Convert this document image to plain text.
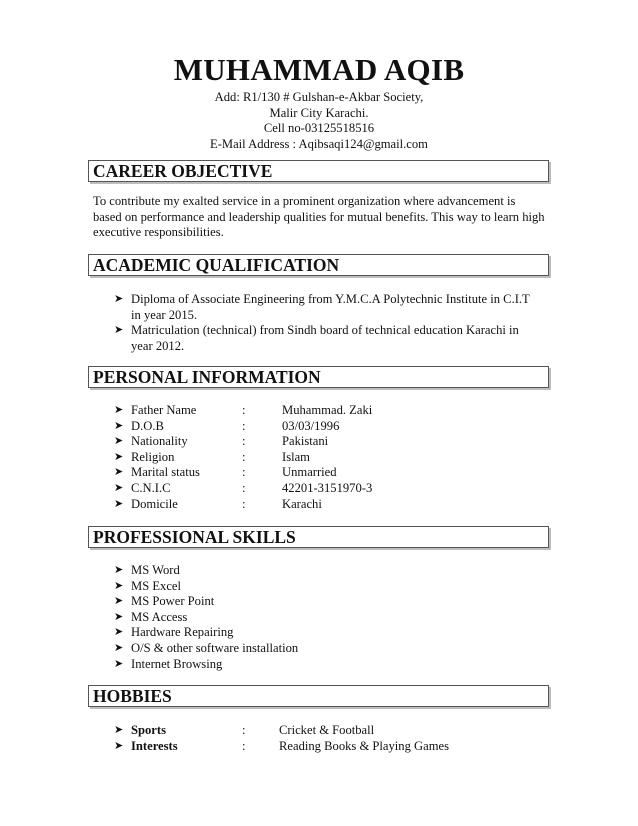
MUHAMMAD AQIB
Add: R1/130 # Gulshan-e-Akbar Society,
Malir City Karachi.
Cell no-03125518516
E-Mail Address : Aqibsaqi124@gmail.com
CAREER OBJECTIVE
To contribute my exalted service in a prominent organization where advancement is
based on performance and leadership qualities for mutual benefits. This way to learn high
executive responsibilities.
ACADEMIC QUALIFICATION
➤ Diploma of Associate Engineering from Y.M.C.A Polytechnic Institute in C.I.T
in year 2015.
➤ Matriculation (technical) from Sindh board of technical education Karachi in
year 2012.
PERSONAL INFORMATION
➤ Father Name	:	Muhammad. Zaki
➤ D.O.B	:	03/03/1996
➤ Nationality	:	Pakistani
➤ Religion	:	Islam
➤ Marital status	:	Unmarried
➤ C.N.I.C	:	42201-3151970-3
➤ Domicile	:	Karachi
PROFESSIONAL SKILLS
➤ MS Word
➤ MS Excel
➤ MS Power Point
➤ MS Access
➤ Hardware Repairing
➤ O/S & other software installation
➤ Internet Browsing
HOBBIES
➤ Sports	:	Cricket & Football
➤ Interests	:	Reading Books & Playing Games
